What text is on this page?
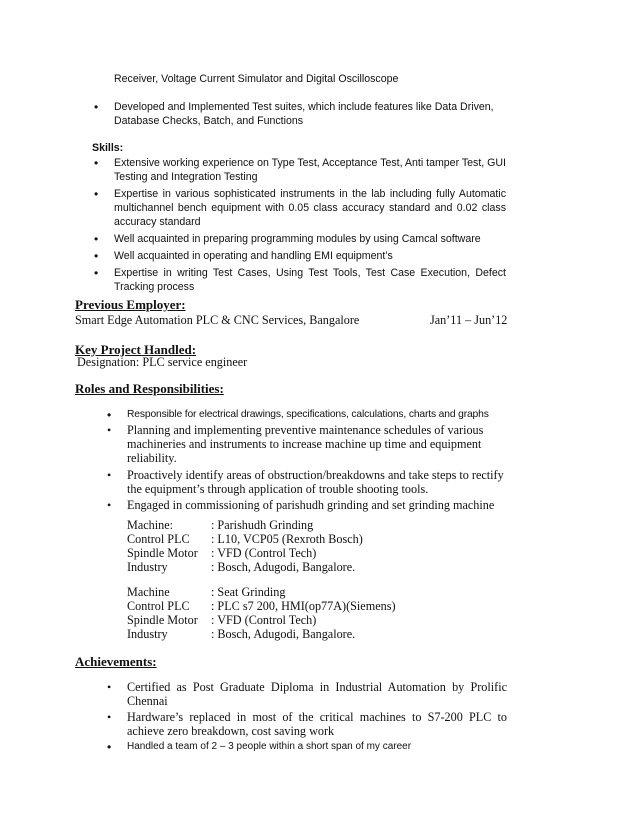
Receiver, Voltage Current Simulator and Digital Oscilloscope
• Developed and Implemented Test suites, which include features like Data Driven, Database Checks, Batch, and Functions
Skills:
• Extensive working experience on Type Test, Acceptance Test, Anti tamper Test, GUI Testing and Integration Testing
• Expertise in various sophisticated instruments in the lab including fully Automatic multichannel bench equipment with 0.05 class accuracy standard and 0.02 class accuracy standard
• Well acquainted in preparing programming modules by using Camcal software
• Well acquainted in operating and handling EMI equipment’s
• Expertise in writing Test Cases, Using Test Tools, Test Case Execution, Defect Tracking process
Previous Employer:
Smart Edge Automation PLC & CNC Services, Bangalore	Jan’11 – Jun’12
Key Project Handled:
Designation: PLC service engineer
Roles and Responsibilities:
• Responsible for electrical drawings, specifications, calculations, charts and graphs
• Planning and implementing preventive maintenance schedules of various machineries and instruments to increase machine up time and equipment reliability.
• Proactively identify areas of obstruction/breakdowns and take steps to rectify the equipment’s through application of trouble shooting tools.
• Engaged in commissioning of parishudh grinding and set grinding machine
Machine:	: Parishudh Grinding
Control PLC	: L10, VCP05 (Rexroth Bosch)
Spindle Motor	: VFD (Control Tech)
Industry	: Bosch, Adugodi, Bangalore.
Machine	: Seat Grinding
Control PLC	: PLC s7 200, HMI(op77A)(Siemens)
Spindle Motor	: VFD (Control Tech)
Industry	: Bosch, Adugodi, Bangalore.
Achievements:
• Certified as Post Graduate Diploma in Industrial Automation by Prolific Chennai
• Hardware’s replaced in most of the critical machines to S7-200 PLC to achieve zero breakdown, cost saving work
• Handled a team of 2 – 3 people within a short span of my career
